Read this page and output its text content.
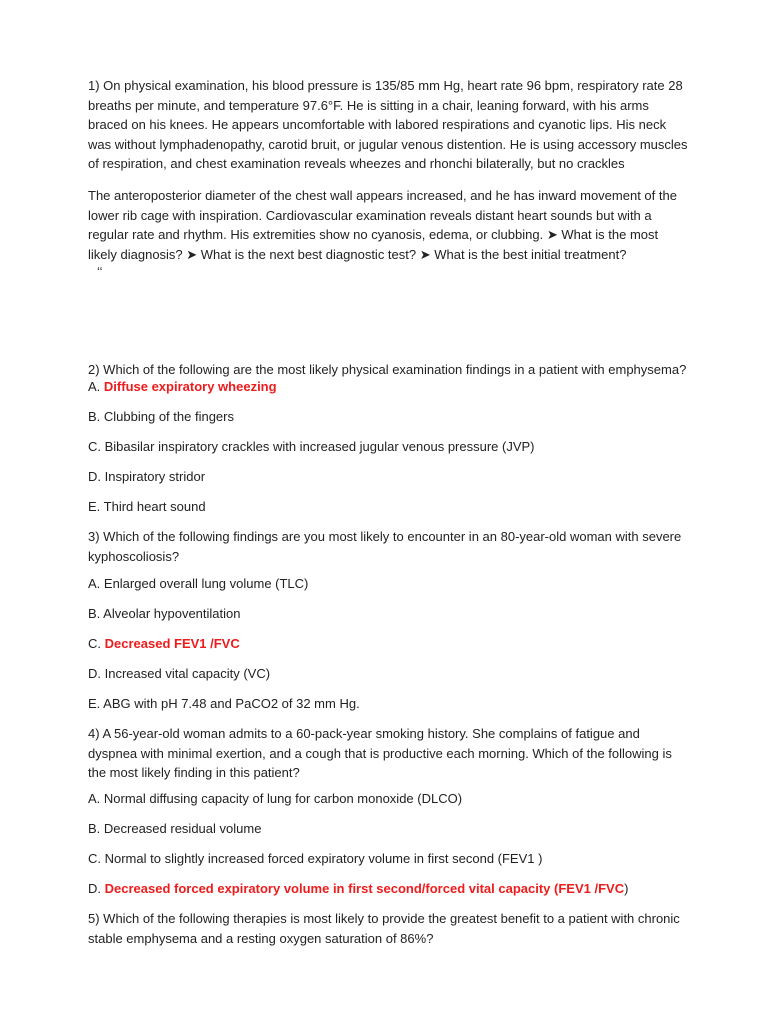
1) On physical examination, his blood pressure is 135/85 mm Hg, heart rate 96 bpm, respiratory rate 28 breaths per minute, and temperature 97.6°F. He is sitting in a chair, leaning forward, with his arms braced on his knees. He appears uncomfortable with labored respirations and cyanotic lips. His neck was without lymphadenopathy, carotid bruit, or jugular venous distention. He is using accessory muscles of respiration, and chest examination reveals wheezes and rhonchi bilaterally, but no crackles

The anteroposterior diameter of the chest wall appears increased, and he has inward movement of the lower rib cage with inspiration. Cardiovascular examination reveals distant heart sounds but with a regular rate and rhythm. His extremities show no cyanosis, edema, or clubbing. ➤ What is the most likely diagnosis? ➤ What is the next best diagnostic test? ➤ What is the best initial treatment?

‘‘

2) Which of the following are the most likely physical examination findings in a patient with emphysema?

A. Diffuse expiratory wheezing

B. Clubbing of the fingers

C. Bibasilar inspiratory crackles with increased jugular venous pressure (JVP)

D. Inspiratory stridor

E. Third heart sound

3) Which of the following findings are you most likely to encounter in an 80-year-old woman with severe kyphoscoliosis?

A. Enlarged overall lung volume (TLC)

B. Alveolar hypoventilation

C. Decreased FEV1 /FVC

D. Increased vital capacity (VC)

E. ABG with pH 7.48 and PaCO2 of 32 mm Hg.

4) A 56-year-old woman admits to a 60-pack-year smoking history. She complains of fatigue and dyspnea with minimal exertion, and a cough that is productive each morning. Which of the following is the most likely finding in this patient?

A. Normal diffusing capacity of lung for carbon monoxide (DLCO)

B. Decreased residual volume

C. Normal to slightly increased forced expiratory volume in first second (FEV1 )

D. Decreased forced expiratory volume in first second/forced vital capacity (FEV1 /FVC)

5) Which of the following therapies is most likely to provide the greatest benefit to a patient with chronic stable emphysema and a resting oxygen saturation of 86%?
